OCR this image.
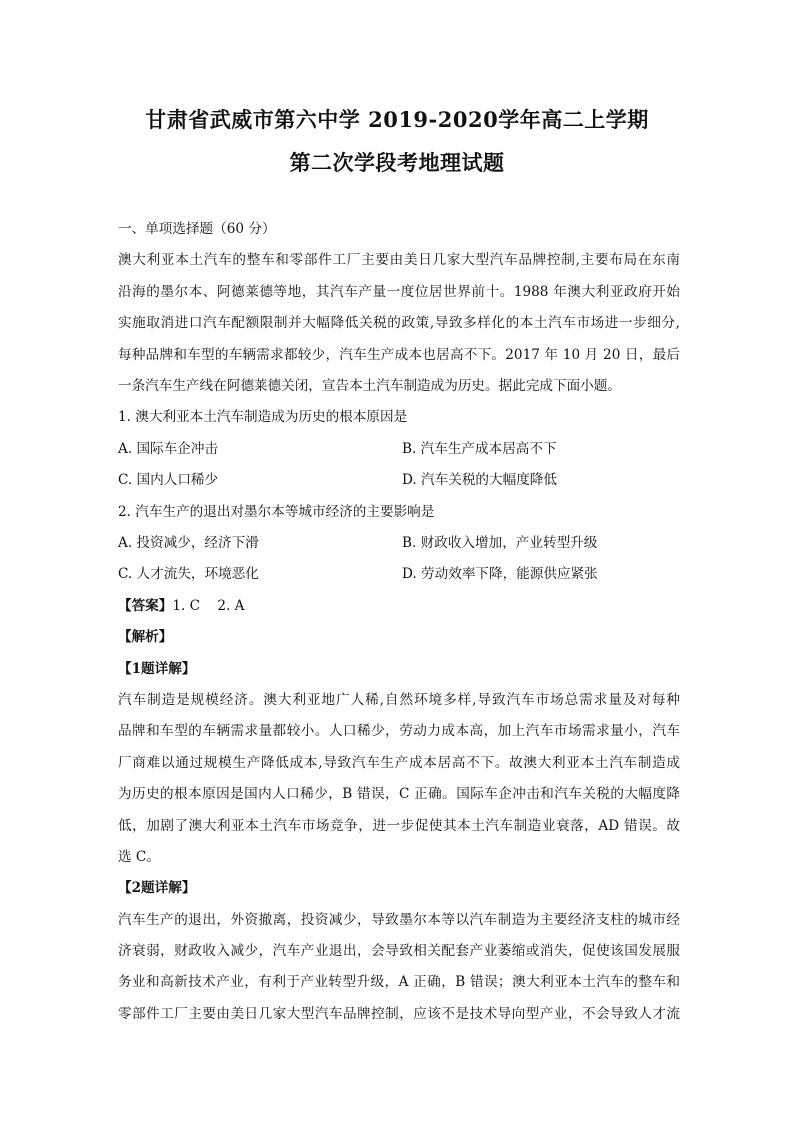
甘肃省武威市第六中学 2019-2020学年高二上学期
第二次学段考地理试题

一、单项选择题（60 分）

澳大利亚本土汽车的整车和零部件工厂主要由美日几家大型汽车品牌控制,主要布局在东南

沿海的墨尔本、阿德莱德等地，其汽车产量一度位居世界前十。1988 年澳大利亚政府开始

实施取消进口汽车配额限制并大幅降低关税的政策,导致多样化的本土汽车市场进一步细分,

每种品牌和车型的车辆需求都较少，汽车生产成本也居高不下。2017 年 10 月 20 日，最后

一条汽车生产线在阿德莱德关闭，宣告本土汽车制造成为历史。据此完成下面小题。

1. 澳大利亚本土汽车制造成为历史的根本原因是

A. 国际车企冲击	B. 汽车生产成本居高不下
C. 国内人口稀少	D. 汽车关税的大幅度降低

2. 汽车生产的退出对墨尔本等城市经济的主要影响是

A. 投资减少，经济下滑	B. 财政收入增加，产业转型升级
C. 人才流失，环境恶化	D. 劳动效率下降，能源供应紧张

【答案】1. C    2. A

【解析】

【1题详解】

汽车制造是规模经济。澳大利亚地广人稀,自然环境多样,导致汽车市场总需求量及对每种

品牌和车型的车辆需求量都较小。人口稀少，劳动力成本高，加上汽车市场需求量小，汽车

厂商难以通过规模生产降低成本,导致汽车生产成本居高不下。故澳大利亚本土汽车制造成

为历史的根本原因是国内人口稀少，B 错误，C 正确。国际车企冲击和汽车关税的大幅度降

低，加剧了澳大利亚本土汽车市场竞争，进一步促使其本土汽车制造业衰落，AD 错误。故

选 C。

【2题详解】

汽车生产的退出，外资撤离，投资减少，导致墨尔本等以汽车制造为主要经济支柱的城市经

济衰弱，财政收入减少，汽车产业退出，会导致相关配套产业萎缩或消失，促使该国发展服

务业和高新技术产业，有利于产业转型升级，A 正确，B 错误；澳大利亚本土汽车的整车和

零部件工厂主要由美日几家大型汽车品牌控制，应该不是技术导向型产业，不会导致人才流
